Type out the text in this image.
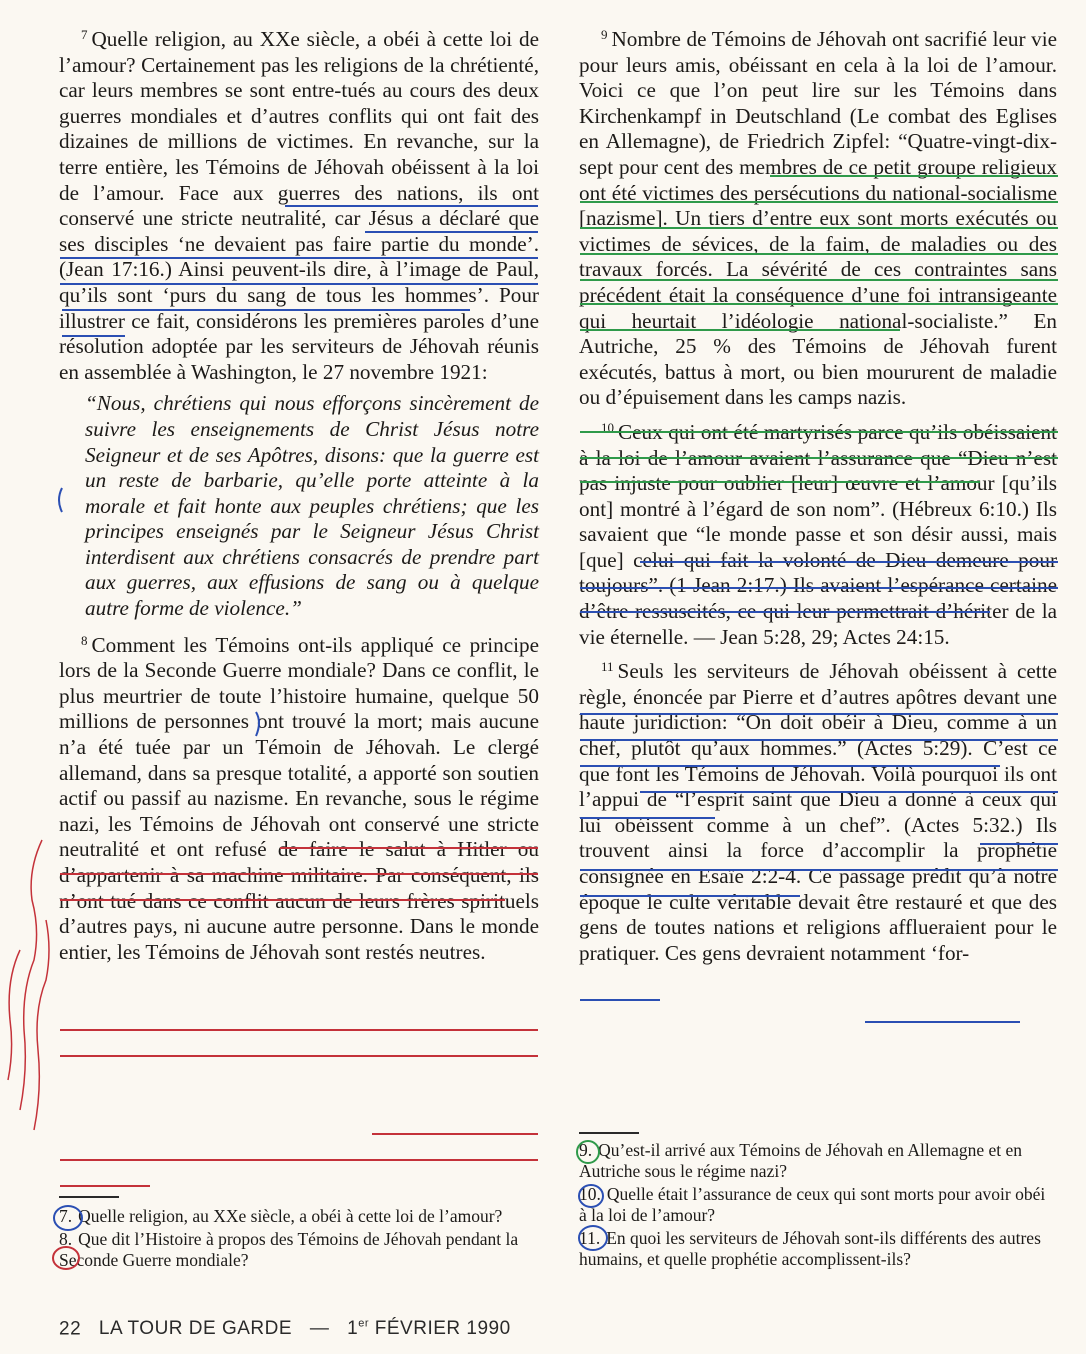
$^7$ Quelle religion, au XXe siècle, a obéi à cette loi de l’amour? Certainement pas les religions de la chrétienté, car leurs membres se sont entre-tués au cours des deux guerres mondiales et d’autres conflits qui ont fait des dizaines de millions de victimes. En revanche, sur la terre entière, les Témoins de Jéhovah obéissent à la loi de l’amour. Face aux guerres des nations, ils ont conservé une stricte neutralité, car Jésus a déclaré que ses disciples ‘ne devaient pas faire partie du monde’. (Jean 17:16.) Ainsi peuvent-ils dire, à l’image de Paul, qu’ils sont ‘purs du sang de tous les hommes’. Pour illustrer ce fait, considérons les premières paroles d’une résolution adoptée par les serviteurs de Jéhovah réunis en assemblée à Washington, le 27 novembre 1921:

“Nous, chrétiens qui nous efforçons sincèrement de suivre les enseignements de Christ Jésus notre Seigneur et de ses Apôtres, disons: que la guerre est un reste de barbarie, qu’elle porte atteinte à la morale et fait honte aux peuples chrétiens; que les principes enseignés par le Seigneur Jésus Christ interdisent aux chrétiens consacrés de prendre part aux guerres, aux effusions de sang ou à quelque autre forme de violence.”

$^8$ Comment les Témoins ont-ils appliqué ce principe lors de la Seconde Guerre mondiale? Dans ce conflit, le plus meurtrier de toute l’histoire humaine, quelque 50 millions de personnes ont trouvé la mort; mais aucune n’a été tuée par un Témoin de Jéhovah. Le clergé allemand, dans sa presque totalité, a apporté son soutien actif ou passif au nazisme. En revanche, sous le régime nazi, les Témoins de Jéhovah ont conservé une stricte neutralité et ont refusé de faire le salut à Hitler ou d’appartenir à sa machine militaire. Par conséquent, ils n’ont tué dans ce conflit aucun de leurs frères spirituels d’autres pays, ni aucune autre personne. Dans le monde entier, les Témoins de Jéhovah sont restés neutres.

7. Quelle religion, au XXe siècle, a obéi à cette loi de l’amour?

8. Que dit l’Histoire à propos des Témoins de Jéhovah pendant la Seconde Guerre mondiale?

$^9$ Nombre de Témoins de Jéhovah ont sacrifié leur vie pour leurs amis, obéissant en cela à la loi de l’amour. Voici ce que l’on peut lire sur les Témoins dans Kirchenkampf in Deutschland (Le combat des Eglises en Allemagne), de Friedrich Zipfel: “Quatre-vingt-dix-sept pour cent des membres de ce petit groupe religieux ont été victimes des persécutions du national-socialisme [nazisme]. Un tiers d’entre eux sont morts exécutés ou victimes de sévices, de la faim, de maladies ou des travaux forcés. La sévérité de ces contraintes sans précédent était la conséquence d’une foi intransigeante qui heurtait l’idéologie national-socialiste.” En Autriche, 25 % des Témoins de Jéhovah furent exécutés, battus à mort, ou bien moururent de maladie ou d’épuisement dans les camps nazis.

$^{10}$ Ceux qui ont été martyrisés parce qu’ils obéissaient à la loi de l’amour avaient l’assurance que “Dieu n’est pas injuste pour oublier [leur] œuvre et l’amour [qu’ils ont] montré à l’égard de son nom”. (Hébreux 6:10.) Ils savaient que “le monde passe et son désir aussi, mais [que] celui qui fait la volonté de Dieu demeure pour toujours”. (1 Jean 2:17.) Ils avaient l’espérance certaine d’être ressuscités, ce qui leur permettrait d’hériter de la vie éternelle. — Jean 5:28, 29; Actes 24:15.

$^{11}$ Seuls les serviteurs de Jéhovah obéissent à cette règle, énoncée par Pierre et d’autres apôtres devant une haute juridiction: “On doit obéir à Dieu, comme à un chef, plutôt qu’aux hommes.” (Actes 5:29). C’est ce que font les Témoins de Jéhovah. Voilà pourquoi ils ont l’appui de “l’esprit saint que Dieu a donné à ceux qui lui obéissent comme à un chef”. (Actes 5:32.) Ils trouvent ainsi la force d’accomplir la prophétie consignée en Esaïe 2:2-4. Ce passage prédit qu’à notre époque le culte véritable devait être restauré et que des gens de toutes nations et religions afflueraient pour le pratiquer. Ces gens devraient notamment ‘for-

9. Qu’est-il arrivé aux Témoins de Jéhovah en Allemagne et en Autriche sous le régime nazi?

10. Quelle était l’assurance de ceux qui sont morts pour avoir obéi à la loi de l’amour?

11. En quoi les serviteurs de Jéhovah sont-ils différents des autres humains, et quelle prophétie accomplissent-ils?

22 LA TOUR DE GARDE — 1er FÉVRIER 1990
